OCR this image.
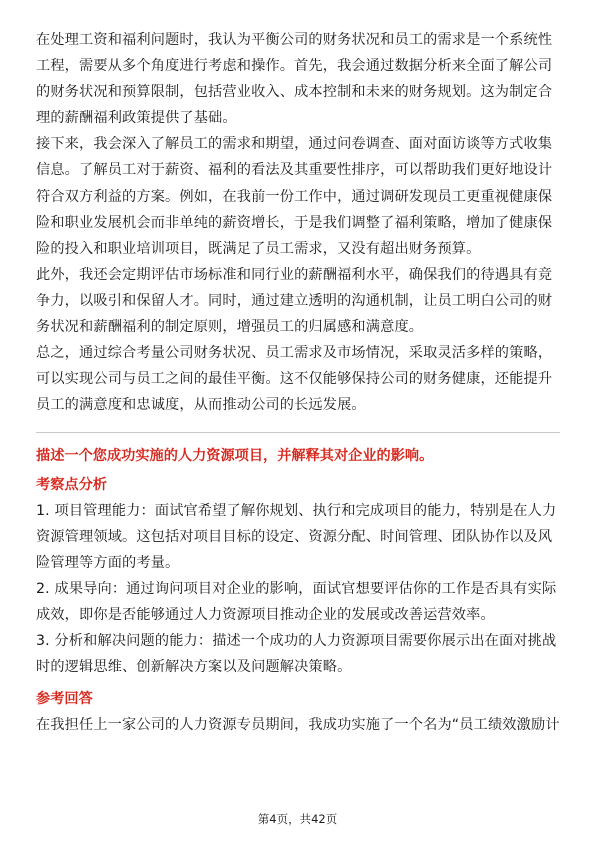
在处理工资和福利问题时，我认为平衡公司的财务状况和员工的需求是一个系统性工程，需要从多个角度进行考虑和操作。首先，我会通过数据分析来全面了解公司的财务状况和预算限制，包括营业收入、成本控制和未来的财务规划。这为制定合理的薪酬福利政策提供了基础。

接下来，我会深入了解员工的需求和期望，通过问卷调查、面对面访谈等方式收集信息。了解员工对于薪资、福利的看法及其重要性排序，可以帮助我们更好地设计符合双方利益的方案。例如，在我前一份工作中，通过调研发现员工更重视健康保险和职业发展机会而非单纯的薪资增长，于是我们调整了福利策略，增加了健康保险的投入和职业培训项目，既满足了员工需求，又没有超出财务预算。

此外，我还会定期评估市场标准和同行业的薪酬福利水平，确保我们的待遇具有竞争力，以吸引和保留人才。同时，通过建立透明的沟通机制，让员工明白公司的财务状况和薪酬福利的制定原则，增强员工的归属感和满意度。

总之，通过综合考量公司财务状况、员工需求及市场情况，采取灵活多样的策略，可以实现公司与员工之间的最佳平衡。这不仅能够保持公司的财务健康，还能提升员工的满意度和忠诚度，从而推动公司的长远发展。

描述一个您成功实施的人力资源项目，并解释其对企业的影响。

考察点分析

1. 项目管理能力：面试官希望了解你规划、执行和完成项目的能力，特别是在人力资源管理领域。这包括对项目目标的设定、资源分配、时间管理、团队协作以及风险管理等方面的考量。

2. 成果导向：通过询问项目对企业的影响，面试官想要评估你的工作是否具有实际成效，即你是否能够通过人力资源项目推动企业的发展或改善运营效率。

3. 分析和解决问题的能力：描述一个成功的人力资源项目需要你展示出在面对挑战时的逻辑思维、创新解决方案以及问题解决策略。

参考回答

在我担任上一家公司的人力资源专员期间，我成功实施了一个名为“员工绩效激励计

第4页，共42页
